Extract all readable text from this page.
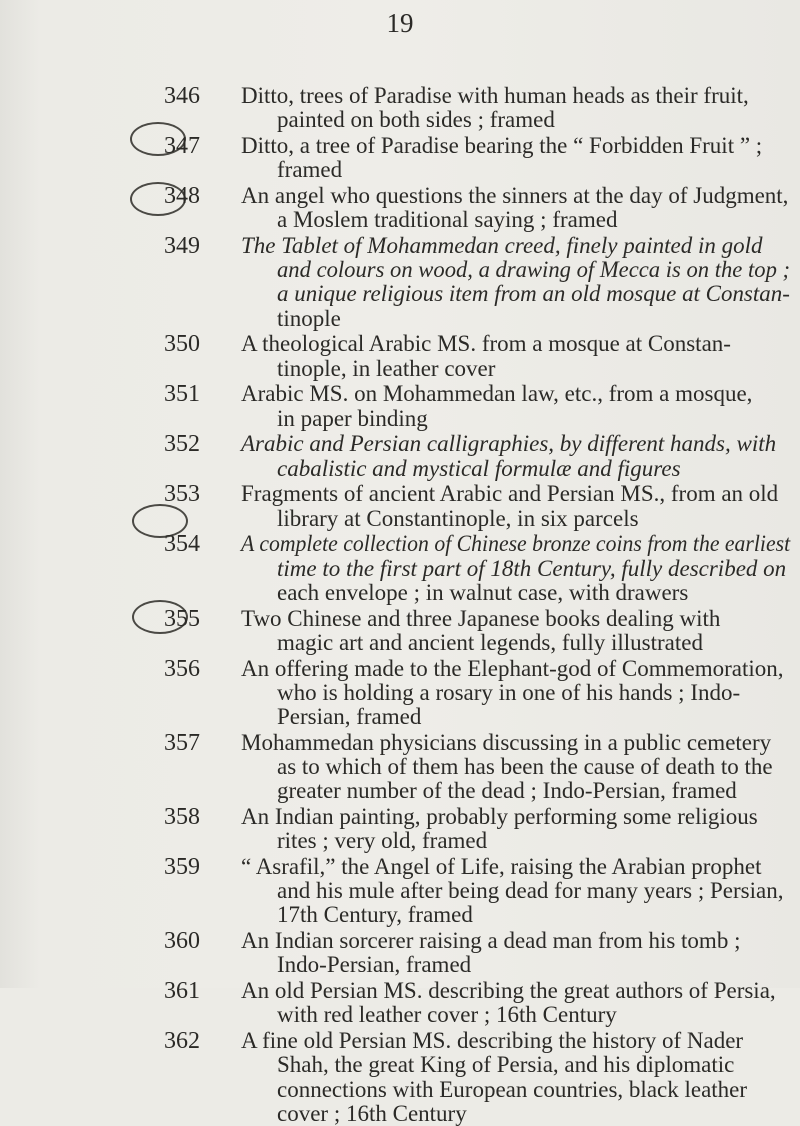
19
346	Ditto, trees of Paradise with human heads as their fruit,
painted on both sides ; framed
347	Ditto, a tree of Paradise bearing the “ Forbidden Fruit ” ;
framed
348	An angel who questions the sinners at the day of Judgment,
a Moslem traditional saying ; framed
349	The Tablet of Mohammedan creed, finely painted in gold
and colours on wood, a drawing of Mecca is on the top ;
a unique religious item from an old mosque at Constan-
tinople
350	A theological Arabic MS. from a mosque at Constan-
tinople, in leather cover
351	Arabic MS. on Mohammedan law, etc., from a mosque,
in paper binding
352	Arabic and Persian calligraphies, by different hands, with
cabalistic and mystical formulæ and figures
353	Fragments of ancient Arabic and Persian MS., from an old
library at Constantinople, in six parcels
354	A complete collection of Chinese bronze coins from the earliest
time to the first part of 18th Century, fully described on
each envelope ; in walnut case, with drawers
355	Two Chinese and three Japanese books dealing with
magic art and ancient legends, fully illustrated
356	An offering made to the Elephant-god of Commemoration,
who is holding a rosary in one of his hands ; Indo-
Persian, framed
357	Mohammedan physicians discussing in a public cemetery
as to which of them has been the cause of death to the
greater number of the dead ; Indo-Persian, framed
358	An Indian painting, probably performing some religious
rites ; very old, framed
359	“ Asrafil,” the Angel of Life, raising the Arabian prophet
and his mule after being dead for many years ; Persian,
17th Century, framed
360	An Indian sorcerer raising a dead man from his tomb ;
Indo-Persian, framed
361	An old Persian MS. describing the great authors of Persia,
with red leather cover ; 16th Century
362	A fine old Persian MS. describing the history of Nader
Shah, the great King of Persia, and his diplomatic
connections with European countries, black leather
cover ; 16th Century
